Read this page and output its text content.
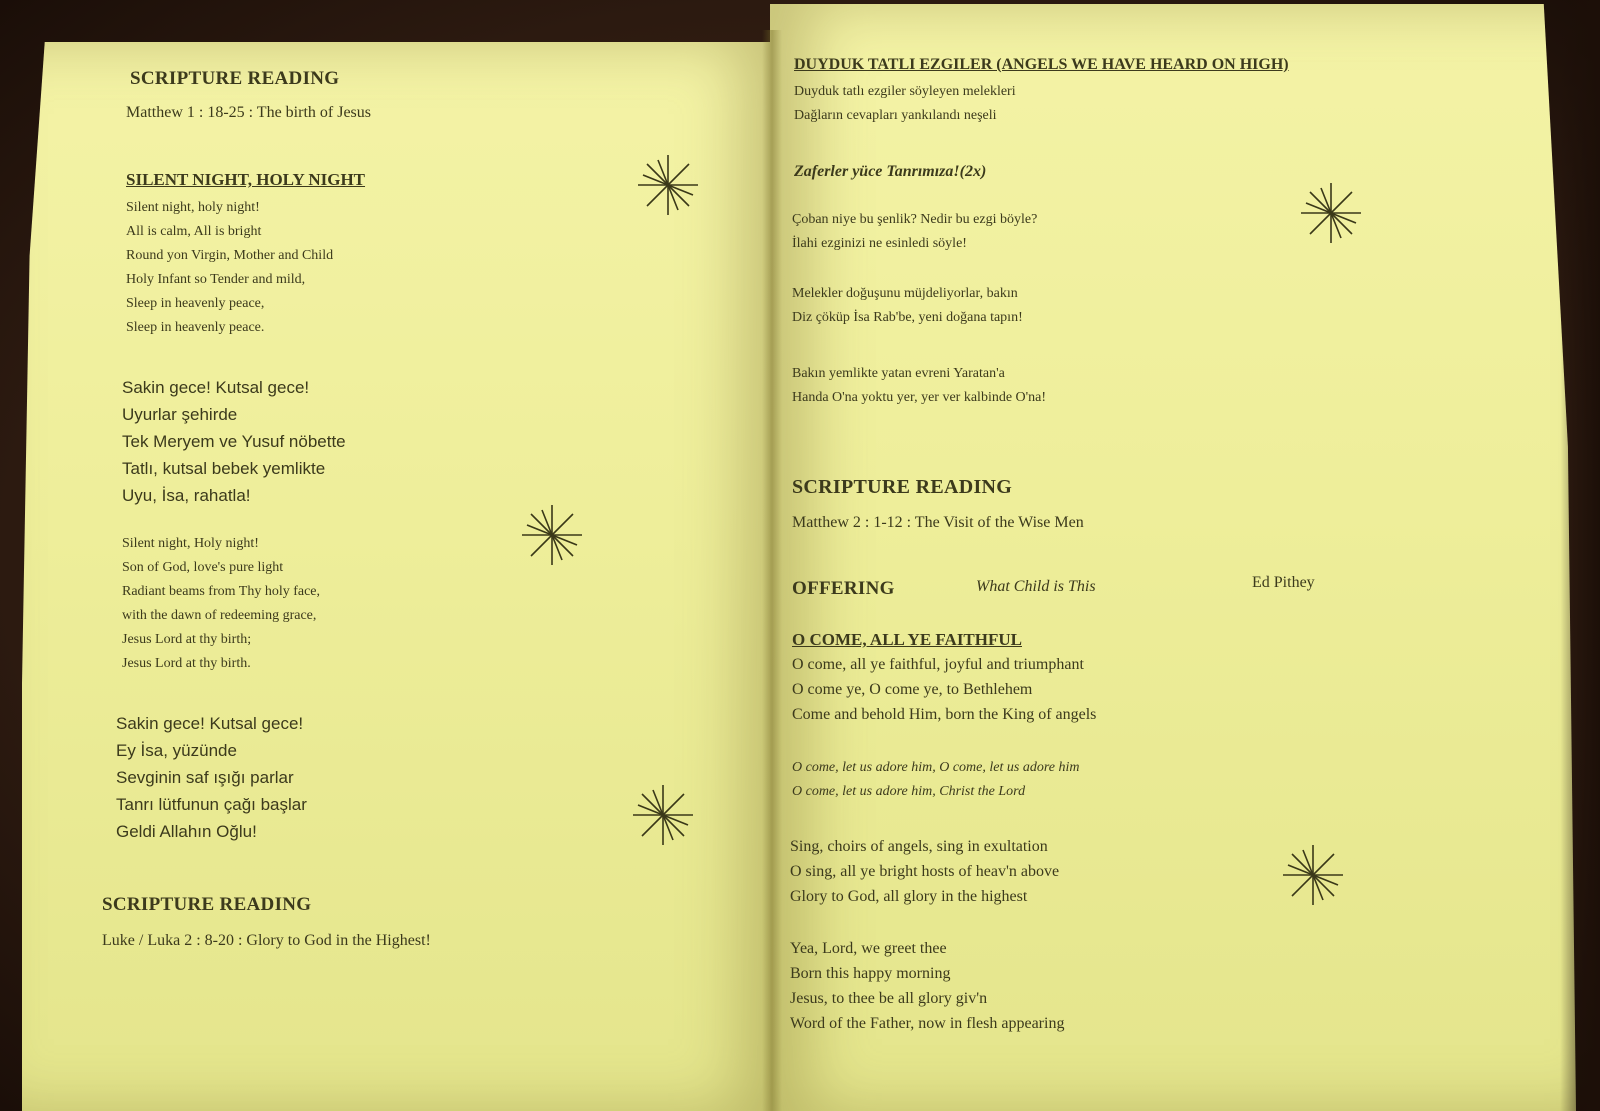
SCRIPTURE READING
Matthew 1 : 18-25 : The birth of Jesus
SILENT NIGHT, HOLY NIGHT
Silent night, holy night!
All is calm, All is bright
Round yon Virgin, Mother and Child
Holy Infant so Tender and mild,
Sleep in heavenly peace,
Sleep in heavenly peace.
Sakin gece! Kutsal gece!
Uyurlar şehirde
Tek Meryem ve Yusuf nöbette
Tatlı, kutsal bebek yemlikte
Uyu, İsa, rahatla!
Silent night, Holy night!
Son of God, love's pure light
Radiant beams from Thy holy face,
with the dawn of redeeming grace,
Jesus Lord at thy birth;
Jesus Lord at thy birth.
Sakin gece! Kutsal gece!
Ey İsa, yüzünde
Sevginin saf ışığı parlar
Tanrı lütfunun çağı başlar
Geldi Allahın Oğlu!
SCRIPTURE READING
Luke / Luka 2 : 8-20 : Glory to God in the Highest!
DUYDUK TATLI EZGILER (ANGELS WE HAVE HEARD ON HIGH)
Duyduk tatlı ezgiler söyleyen melekleri
Dağların cevapları yankılandı neşeli
Zaferler yüce Tanrımıza!(2x)
Çoban niye bu şenlik? Nedir bu ezgi böyle?
İlahi ezginizi ne esinledi söyle!
Melekler doğuşunu müjdeliyorlar, bakın
Diz çöküp İsa Rab'be, yeni doğana tapın!
Bakın yemlikte yatan evreni Yaratan'a
Handa O'na yoktu yer, yer ver kalbinde O'na!
SCRIPTURE READING
Matthew 2 : 1-12 : The Visit of the Wise Men
OFFERING	What Child is This	Ed Pithey
O COME, ALL YE FAITHFUL
O come, all ye faithful, joyful and triumphant
O come ye, O come ye, to Bethlehem
Come and behold Him, born the King of angels
O come, let us adore him, O come, let us adore him
O come, let us adore him, Christ the Lord
Sing, choirs of angels, sing in exultation
O sing, all ye bright hosts of heav'n above
Glory to God, all glory in the highest
Yea, Lord, we greet thee
Born this happy morning
Jesus, to thee be all glory giv'n
Word of the Father, now in flesh appearing
